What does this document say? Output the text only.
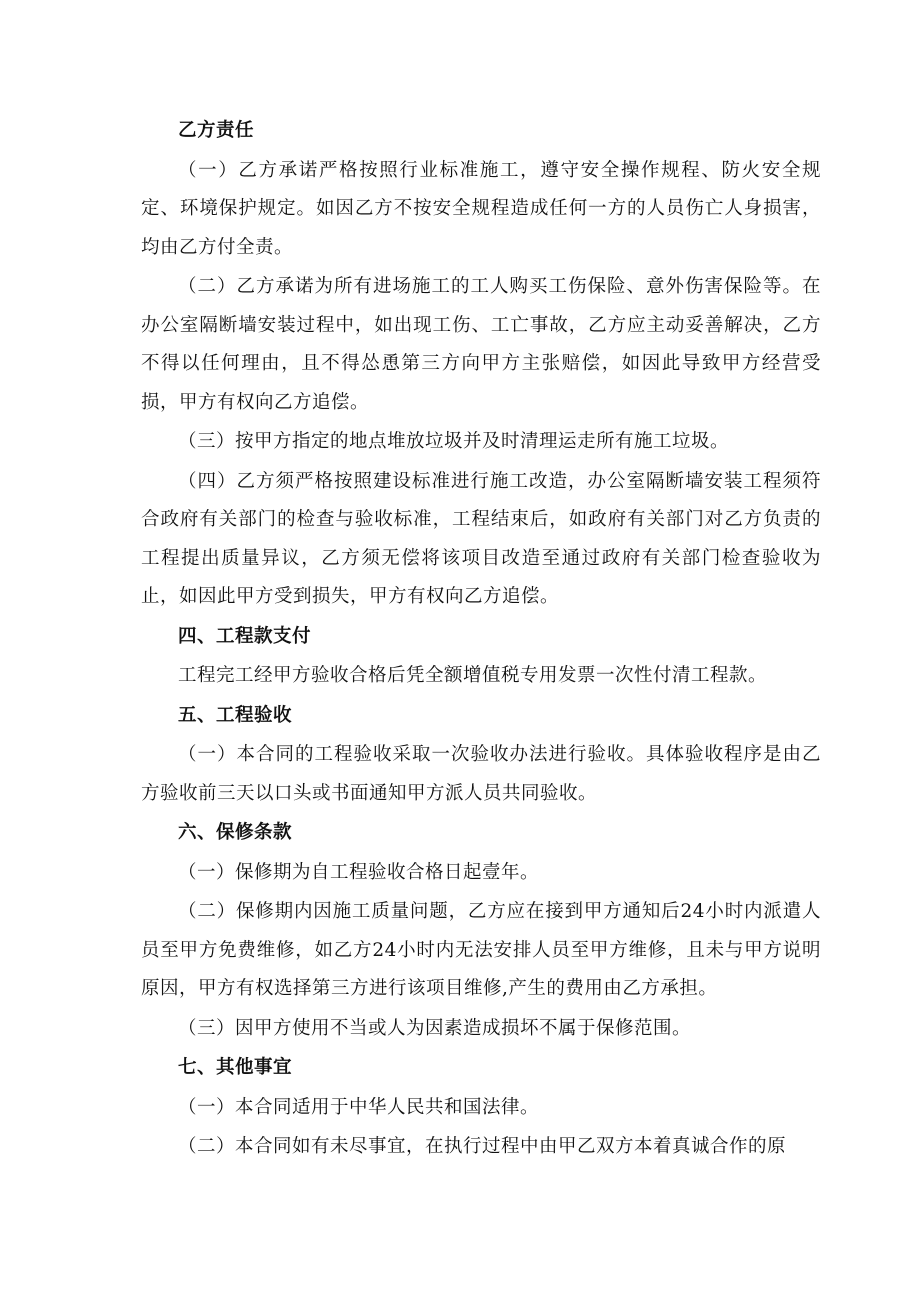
乙方责任
（一）乙方承诺严格按照行业标准施工，遵守安全操作规程、防火安全规定、环境保护规定。如因乙方不按安全规程造成任何一方的人员伤亡人身损害，均由乙方付全责。
（二）乙方承诺为所有进场施工的工人购买工伤保险、意外伤害保险等。在办公室隔断墙安装过程中，如出现工伤、工亡事故，乙方应主动妥善解决，乙方不得以任何理由，且不得怂恿第三方向甲方主张赔偿，如因此导致甲方经营受损，甲方有权向乙方追偿。
（三）按甲方指定的地点堆放垃圾并及时清理运走所有施工垃圾。
（四）乙方须严格按照建设标准进行施工改造，办公室隔断墙安装工程须符合政府有关部门的检查与验收标准，工程结束后，如政府有关部门对乙方负责的工程提出质量异议，乙方须无偿将该项目改造至通过政府有关部门检查验收为止，如因此甲方受到损失，甲方有权向乙方追偿。
四、工程款支付
工程完工经甲方验收合格后凭全额增值税专用发票一次性付清工程款。
五、工程验收
（一）本合同的工程验收采取一次验收办法进行验收。具体验收程序是由乙方验收前三天以口头或书面通知甲方派人员共同验收。
六、保修条款
（一）保修期为自工程验收合格日起壹年。
（二）保修期内因施工质量问题，乙方应在接到甲方通知后24小时内派遣人员至甲方免费维修，如乙方24小时内无法安排人员至甲方维修，且未与甲方说明原因，甲方有权选择第三方进行该项目维修,产生的费用由乙方承担。
（三）因甲方使用不当或人为因素造成损坏不属于保修范围。
七、其他事宜
（一）本合同适用于中华人民共和国法律。
（二）本合同如有未尽事宜，在执行过程中由甲乙双方本着真诚合作的原
